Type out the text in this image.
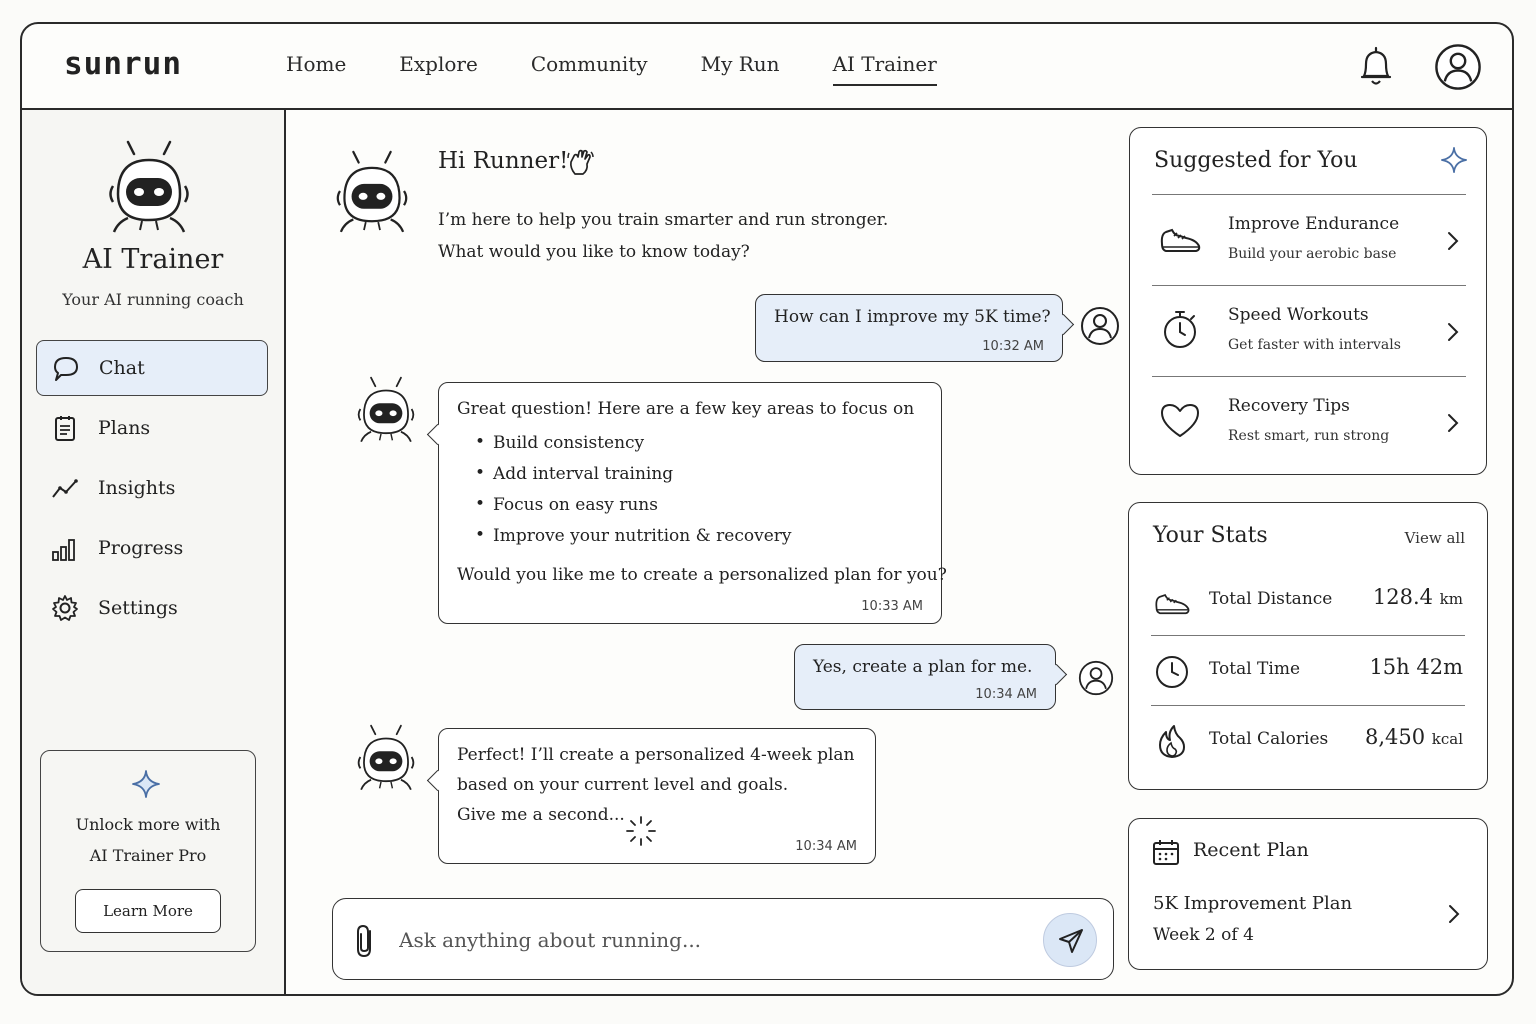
sunrun	Home	Explore	Community	My Run	AI Trainer
AI Trainer
Your AI running coach
Chat
Plans
Insights
Progress
Settings
Unlock more with
AI Trainer Pro
Learn More
Hi Runner!
I’m here to help you train smarter and run stronger.
What would you like to know today?
How can I improve my 5K time?
10:32 AM
Great question! Here are a few key areas to focus on
• Build consistency
• Add interval training
• Focus on easy runs
• Improve your nutrition & recovery
Would you like me to create a personalized plan for you?
10:33 AM
Yes, create a plan for me.
10:34 AM
Perfect! I’ll create a personalized 4-week plan
based on your current level and goals.
Give me a second...
10:34 AM
Ask anything about running...
Suggested for You
Improve Endurance
Build your aerobic base
Speed Workouts
Get faster with intervals
Recovery Tips
Rest smart, run strong
Your Stats	View all
Total Distance 128.4 km
Total Time	15h 42m
Total Calories 8,450 kcal
Recent Plan
5K Improvement Plan
Week 2 of 4
